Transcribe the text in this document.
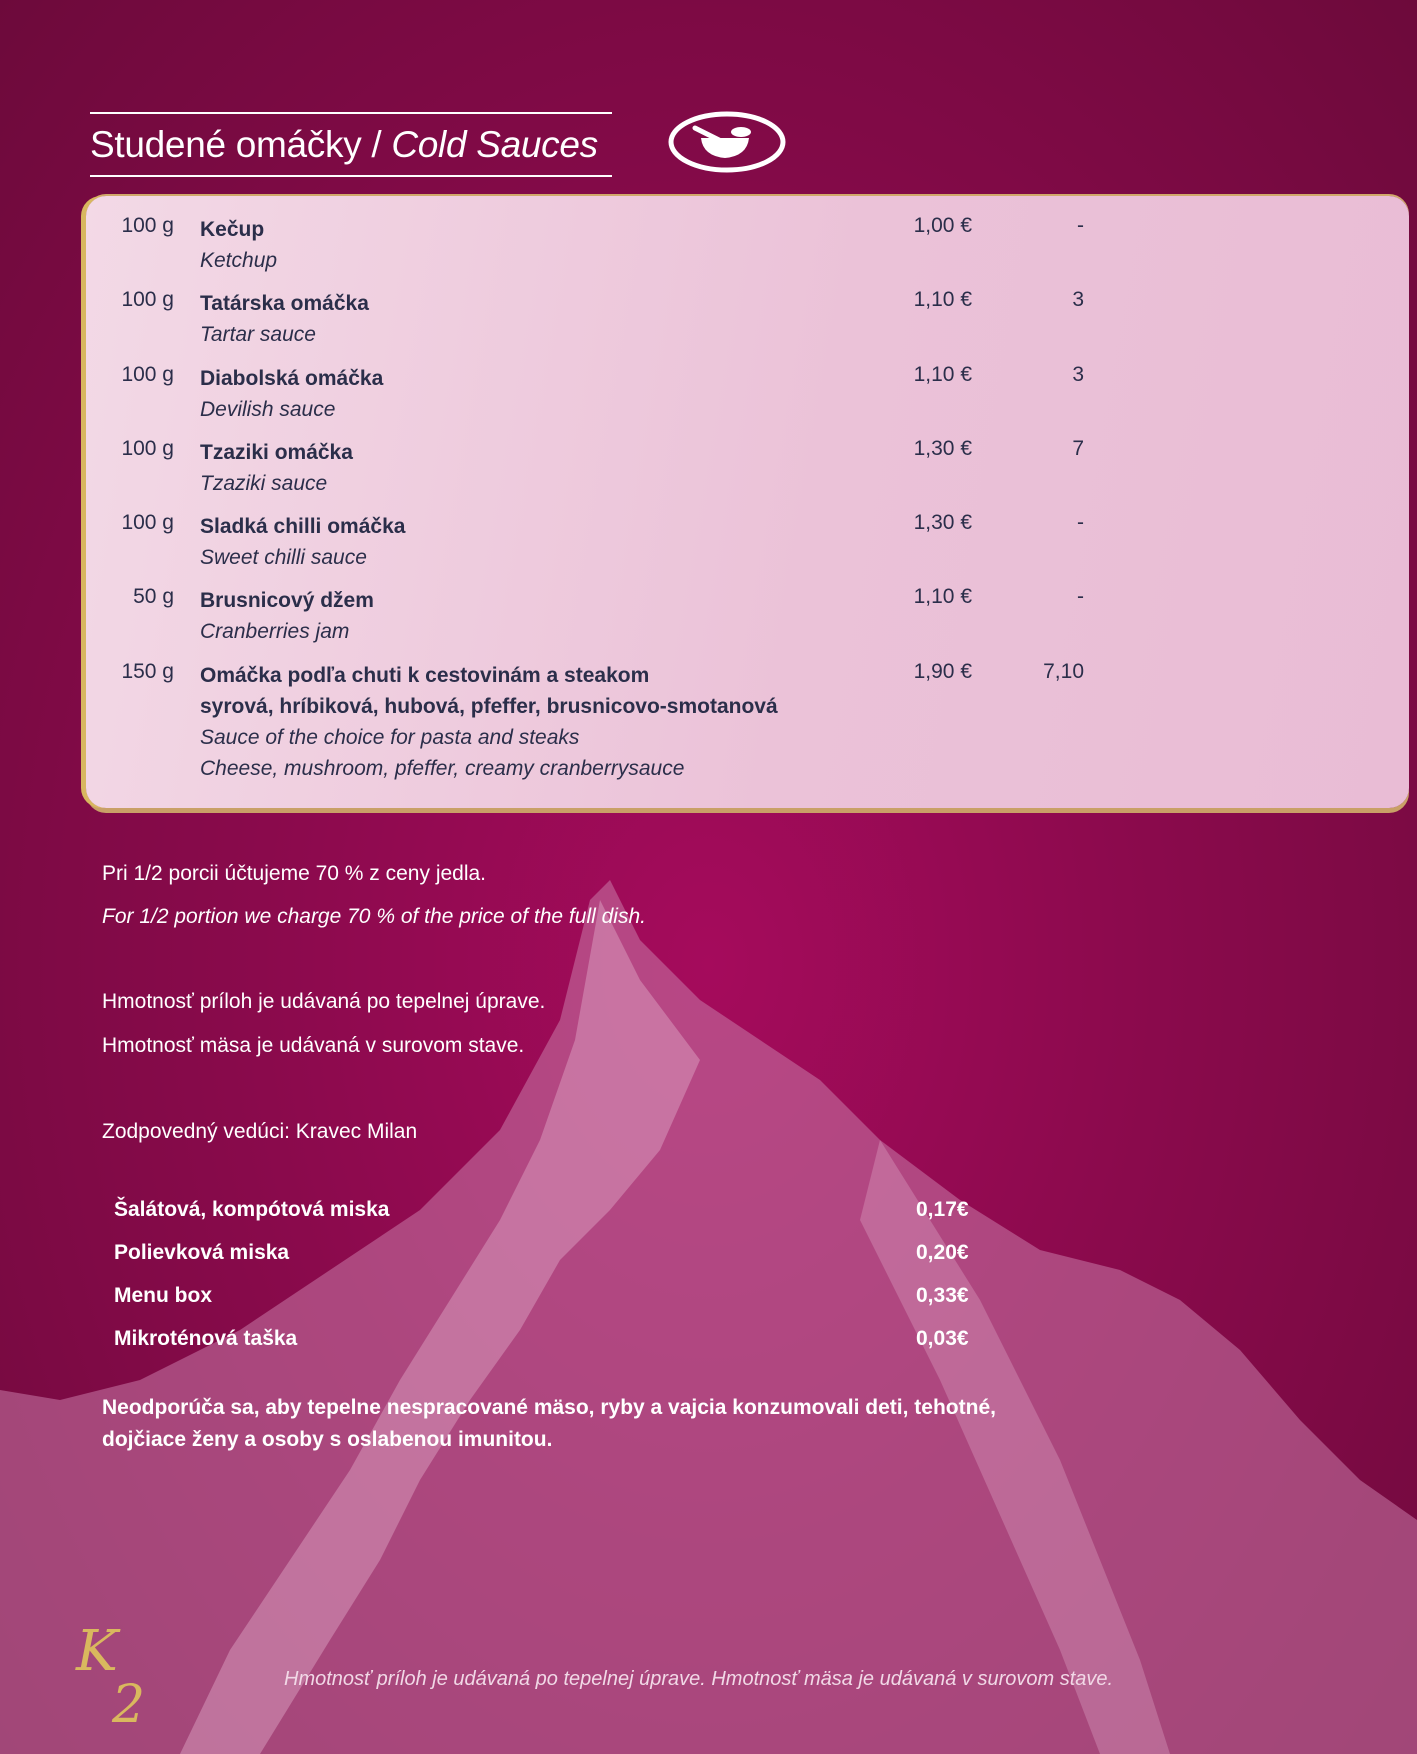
Studené omáčky / Cold Sauces
100 g Kečup
Ketchup
1,00 €	-
100 g Tatárska omáčka
Tartar sauce
1,10 €	3
100 g Diabolská omáčka
Devilish sauce
1,10 €	3
100 g Tzaziki omáčka
Tzaziki sauce
1,30 €	7
100 g Sladká chilli omáčka
Sweet chilli sauce
1,30 €	-
50 g Brusnicový džem
Cranberries jam
1,10 €	-
150 g Omáčka podľa chuti k cestovinám a steakom
syrová, hríbiková, hubová, pfeffer, brusnicovo-smotanová
Sauce of the choice for pasta and steaks
Cheese, mushroom, pfeffer, creamy cranberrysauce
1,90 €	7,10
Pri 1/2 porcii účtujeme 70 % z ceny jedla.
For 1/2 portion we charge 70 % of the price of the full dish.
Hmotnosť príloh je udávaná po tepelnej úprave.
Hmotnosť mäsa je udávaná v surovom stave.
Zodpovedný vedúci: Kravec Milan
Šalátová, kompótová miska	0,17€
Polievková miska	0,20€
Menu box	0,33€
Mikroténová taška	0,03€
Neodporúča sa, aby tepelne nespracované mäso, ryby a vajcia konzumovali deti, tehotné,
dojčiace ženy a osoby s oslabenou imunitou.
K
2	Hmotnosť príloh je udávaná po tepelnej úprave. Hmotnosť mäsa je udávaná v surovom stave.
